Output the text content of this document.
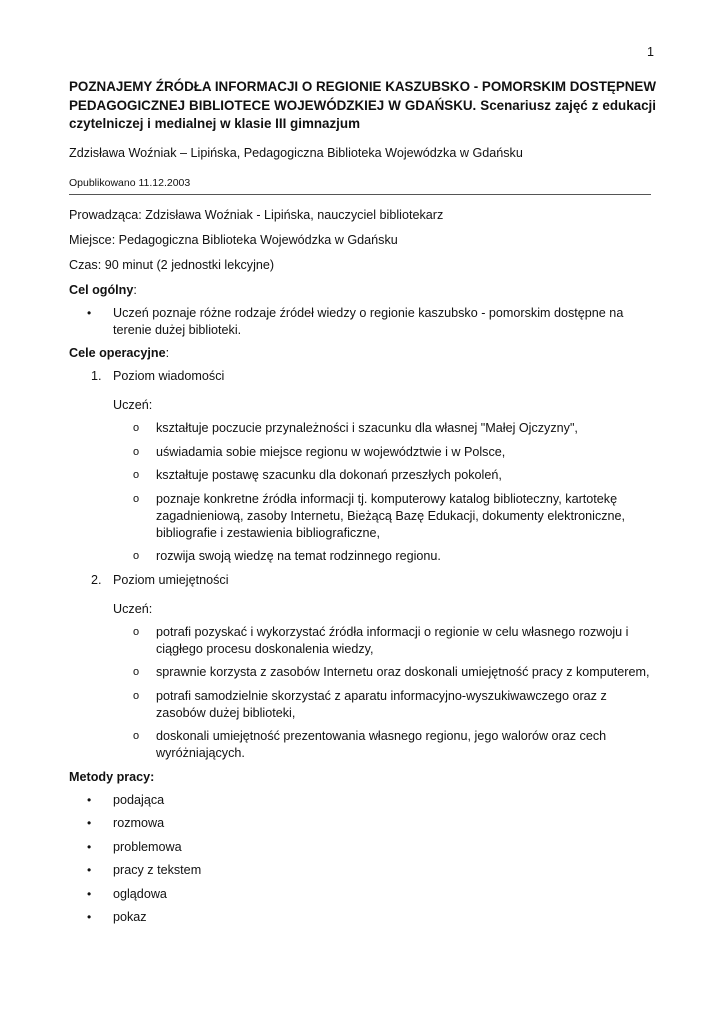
1

POZNAJEMY ŹRÓDŁA INFORMACJI O REGIONIE KASZUBSKO - POMORSKIM DOSTĘPNEW PEDAGOGICZNEJ BIBLIOTECE WOJEWÓDZKIEJ W GDAŃSKU. Scenariusz zajęć z edukacji czytelniczej i medialnej w klasie III gimnazjum

Zdzisława Woźniak – Lipińska, Pedagogiczna Biblioteka Wojewódzka w Gdańsku
Opublikowano 11.12.2003
Prowadząca: Zdzisława Woźniak - Lipińska, nauczyciel bibliotekarz
Miejsce: Pedagogiczna Biblioteka Wojewódzka w Gdańsku
Czas: 90 minut (2 jednostki lekcyjne)
Cel ogólny:
• Uczeń poznaje różne rodzaje źródeł wiedzy o regionie kaszubsko - pomorskim dostępne na terenie dużej biblioteki.
Cele operacyjne:
1. Poziom wiadomości
Uczeń:
o kształtuje poczucie przynależności i szacunku dla własnej "Małej Ojczyzny",
o uświadamia sobie miejsce regionu w województwie i w Polsce,
o kształtuje postawę szacunku dla dokonań przeszłych pokoleń,
o poznaje konkretne źródła informacji tj. komputerowy katalog biblioteczny, kartotekę zagadnieniową, zasoby Internetu, Bieżącą Bazę Edukacji, dokumenty elektroniczne, bibliografie i zestawienia bibliograficzne,
o rozwija swoją wiedzę na temat rodzinnego regionu.
2. Poziom umiejętności
Uczeń:
o potrafi pozyskać i wykorzystać źródła informacji o regionie w celu własnego rozwoju i ciągłego procesu doskonalenia wiedzy,
o sprawnie korzysta z zasobów Internetu oraz doskonali umiejętność pracy z komputerem,
o potrafi samodzielnie skorzystać z aparatu informacyjno-wyszukiwawczego oraz z zasobów dużej biblioteki,
o doskonali umiejętność prezentowania własnego regionu, jego walorów oraz cech wyróżniających.
Metody pracy:
• podająca
• rozmowa
• problemowa
• pracy z tekstem
• oglądowa
• pokaz
